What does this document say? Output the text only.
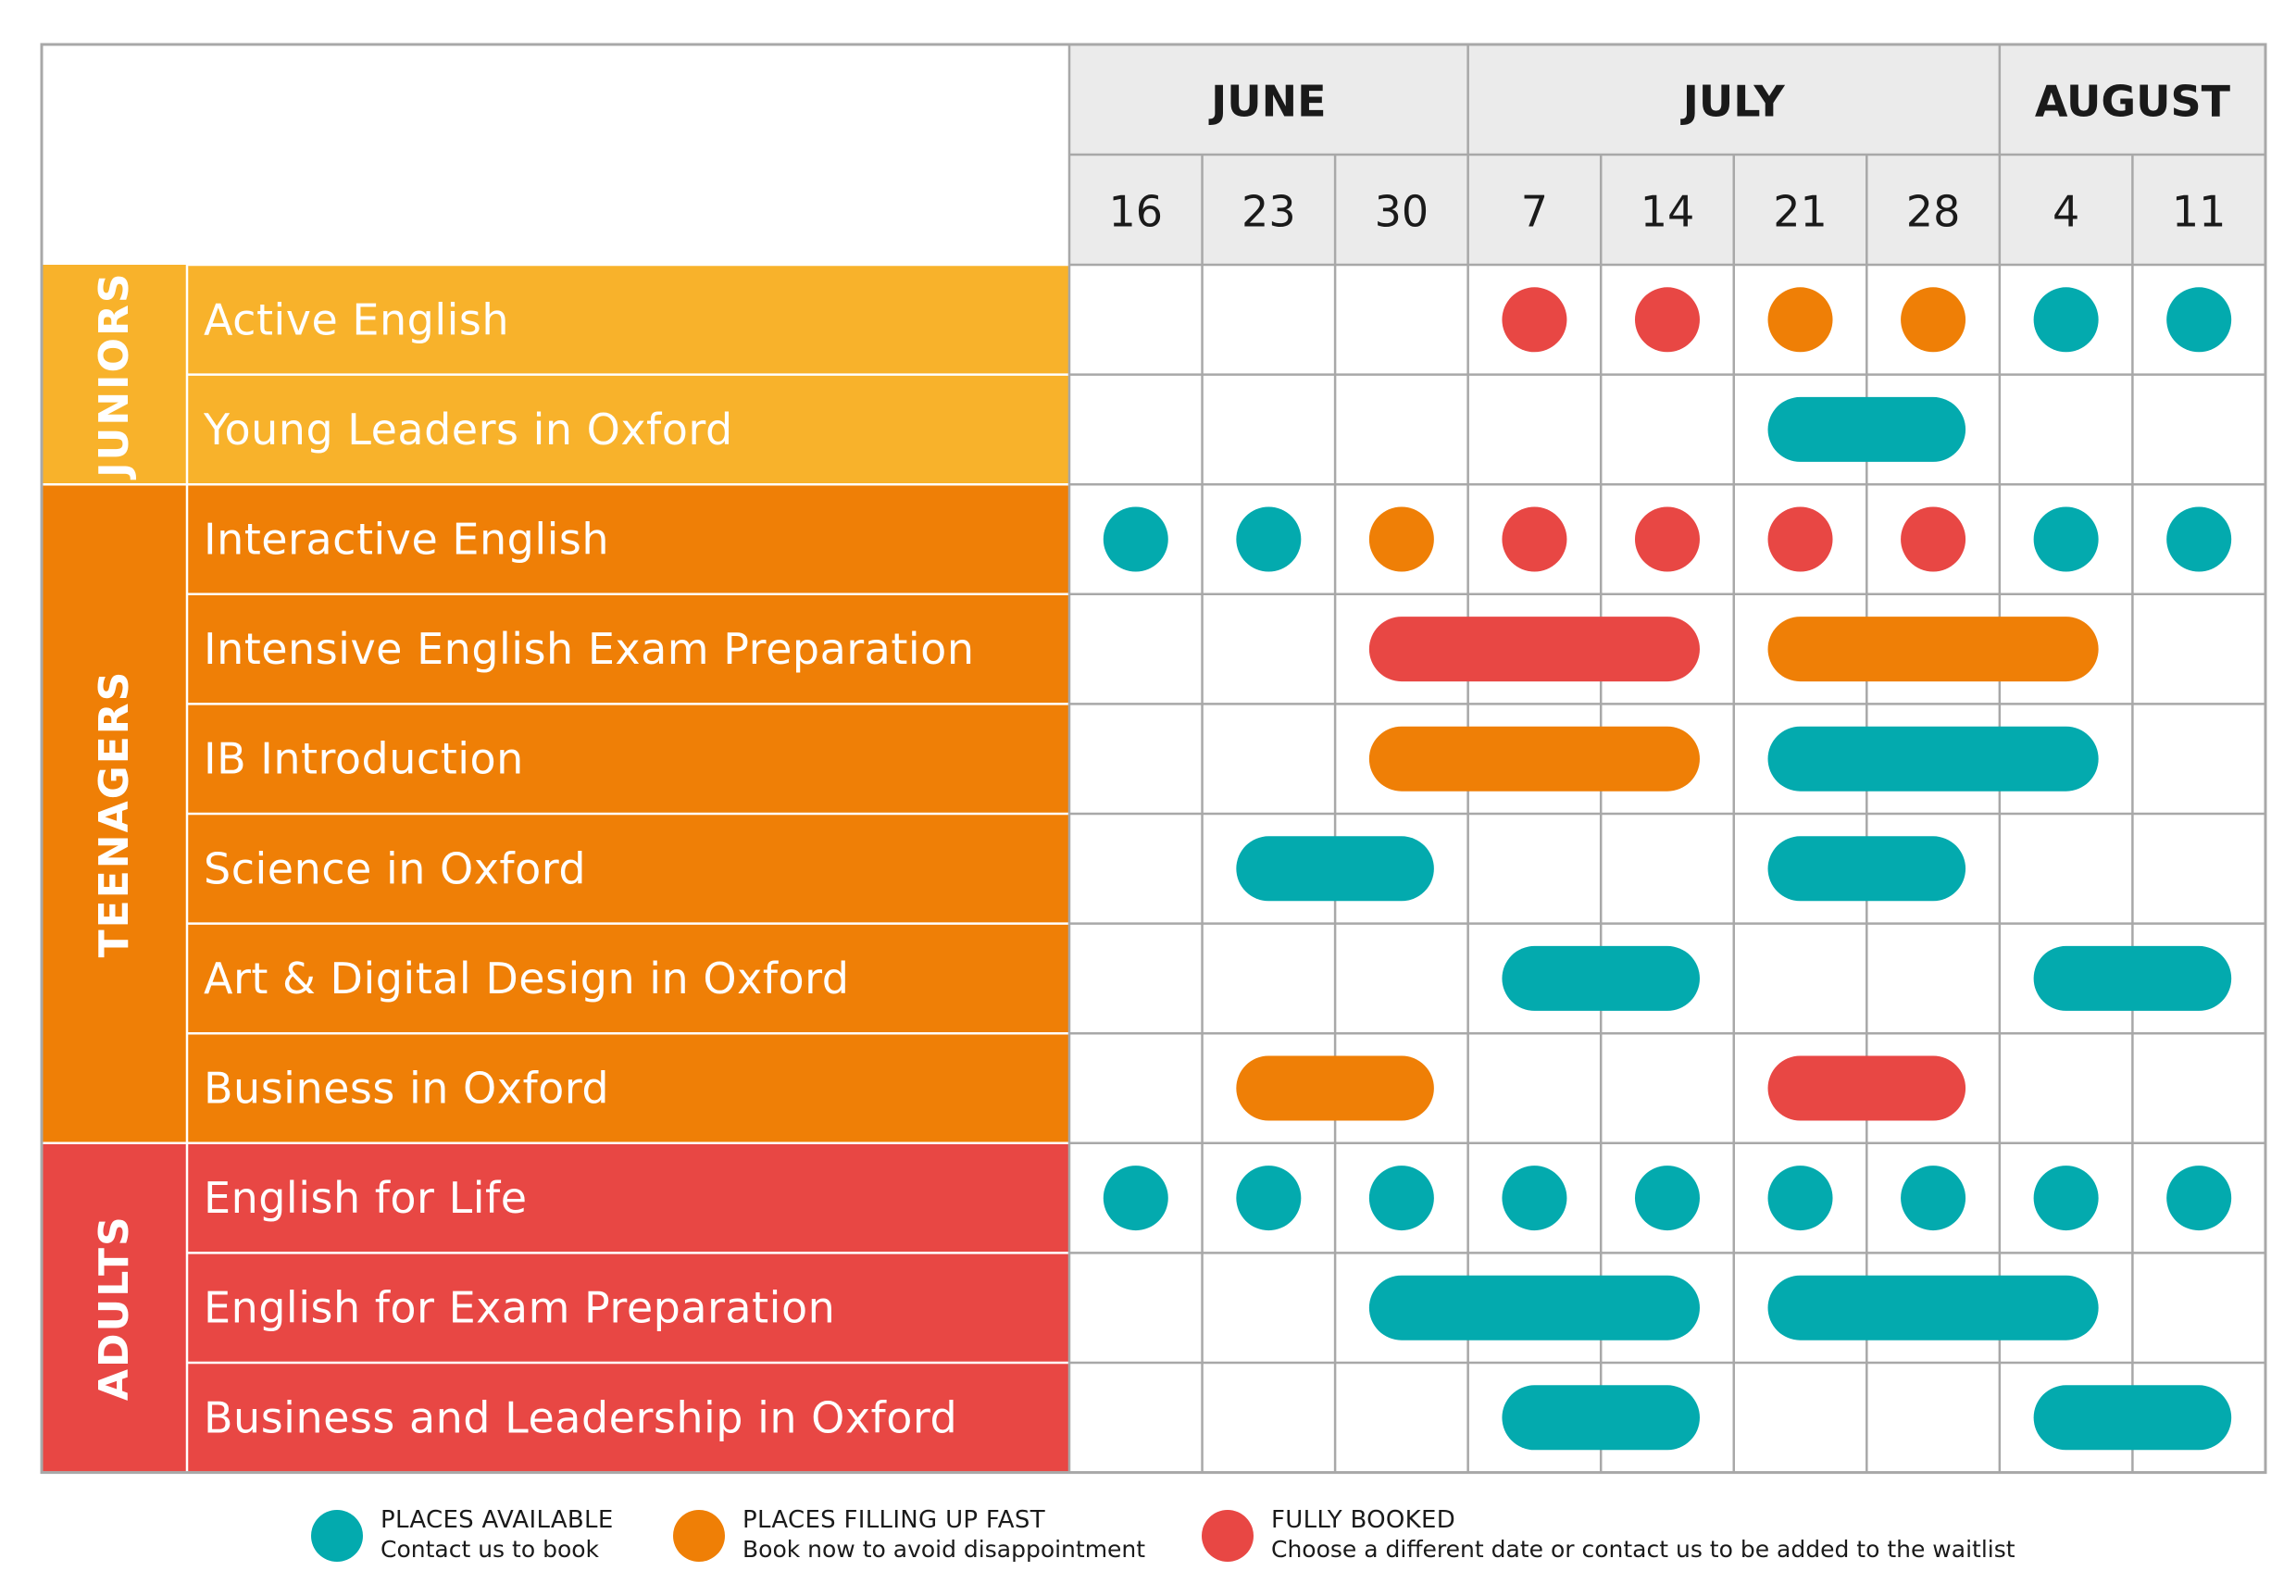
JUNIORS
TEENAGERS
ADULTS
Active English
Young Leaders in Oxford
Interactive English
Intensive English Exam Preparation
IB Introduction
Science in Oxford
Art & Digital Design in Oxford
Business in Oxford
English for Life
English for Exam Preparation
Business and Leadership in Oxford
JUNE	JULY	AUGUST
16 23 30 7 14 21 28 4 11
PLACES AVAILABLE
Contact us to book
PLACES FILLING UP FAST
Book now to avoid disappointment
FULLY BOOKED
Choose a different date or contact us to be added to the waitlist
